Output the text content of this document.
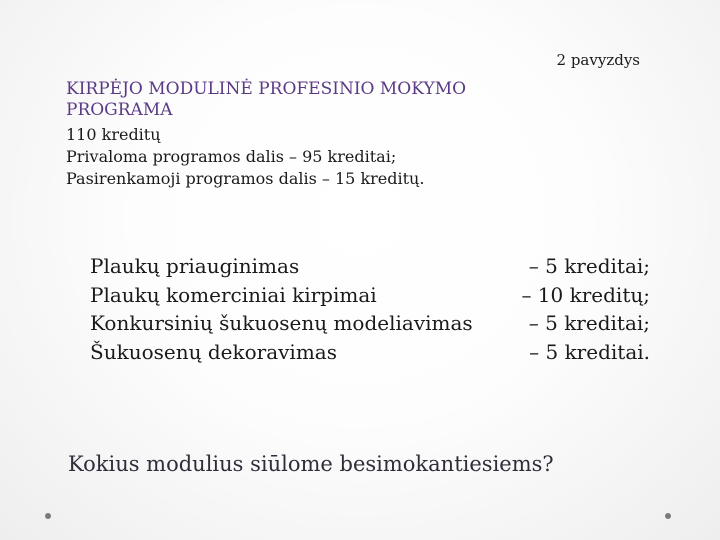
2 pavyzdys
KIRPĖJO MODULINĖ PROFESINIO MOKYMO PROGRAMA
110 kreditų
Privaloma programos dalis – 95 kreditai;
Pasirenkamoji programos dalis – 15 kreditų.
Plaukų priauginimas	– 5 kreditai;
Plaukų komerciniai kirpimai	– 10 kreditų;
Konkursinių šukuosenų modeliavimas	– 5 kreditai;
Šukuosenų dekoravimas	– 5 kreditai.
Kokius modulius siūlome besimokantiesiems?
